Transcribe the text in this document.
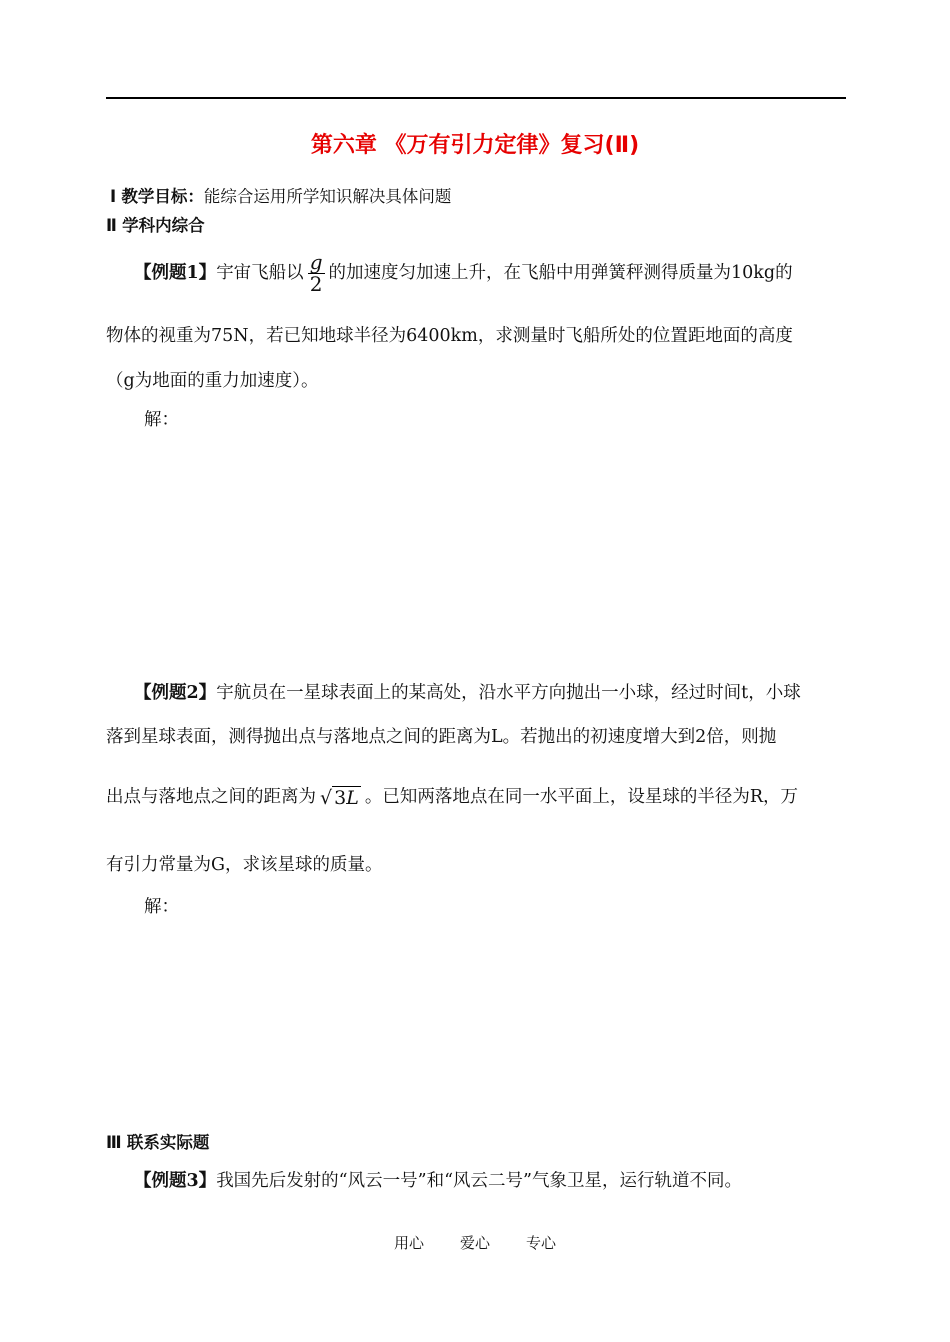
第六章 《万有引力定律》复习(Ⅱ)
Ⅰ 教学目标：能综合运用所学知识解决具体问题
Ⅱ 学科内综合
【例题1】宇宙飞船以 $\frac{g}{2}$ 的加速度匀加速上升，在飞船中用弹簧秤测得质量为10kg的
物体的视重为75N，若已知地球半径为6400km，求测量时飞船所处的位置距地面的高度
（g为地面的重力加速度）。
解：
【例题2】宇航员在一星球表面上的某高处，沿水平方向抛出一小球，经过时间t，小球
落到星球表面，测得抛出点与落地点之间的距离为L。若抛出的初速度增大到2倍，则抛
出点与落地点之间的距离为 √ 3L 。已知两落地点在同一水平面上，设星球的半径为R，万
有引力常量为G，求该星球的质量。
解：
Ⅲ 联系实际题
【例题3】我国先后发射的“风云一号”和“风云二号”气象卫星，运行轨道不同。
用心 爱心 专心
